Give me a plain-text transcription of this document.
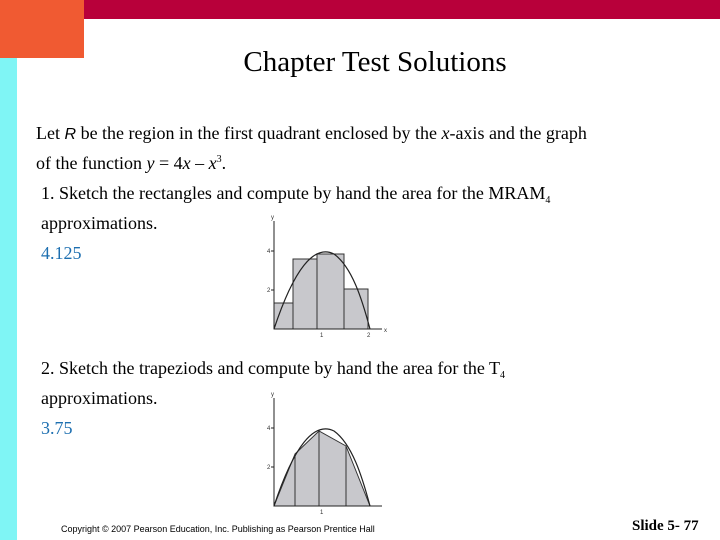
Chapter Test Solutions
Let R be the region in the first quadrant enclosed by the x-axis and the graph
of the function $y = 4x - x^3$.
1. Sketch the rectangles and compute by hand the area for the $MRAM_4$
approximations.
4.125	4
2
1	2
y
x
2. Sketch the trapeziods and compute by hand the area for the $T_4$
approximations.
3.75	4
2
1
y
Copyright © 2007 Pearson Education, Inc. Publishing as Pearson Prentice Hall	Slide 5- 77
